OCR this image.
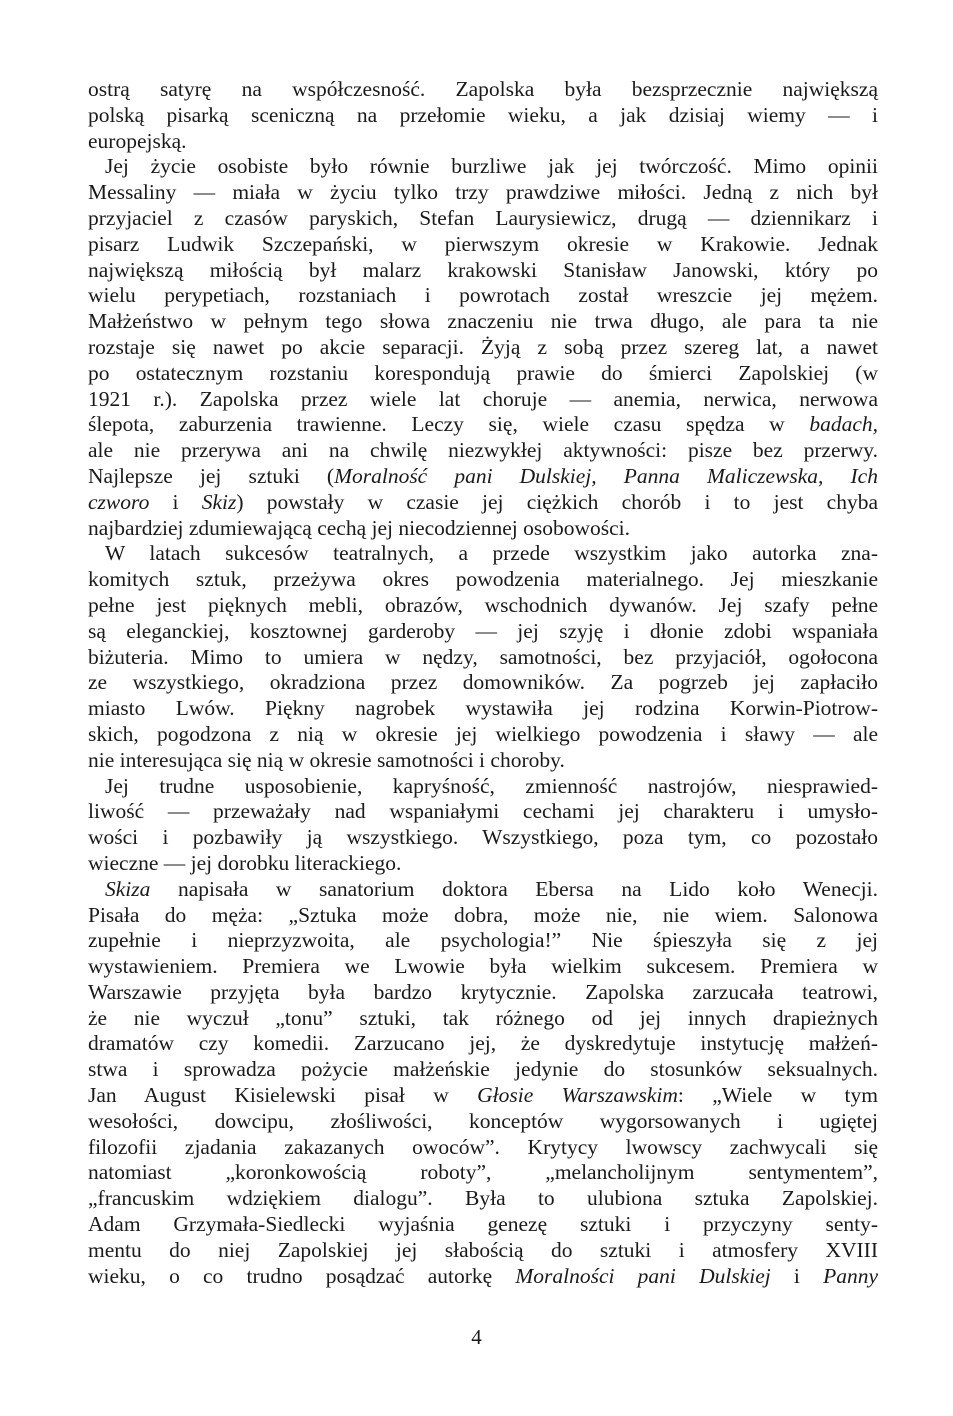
ostrą satyrę na współczesność. Zapolska była bezsprzecznie największą
polską pisarką sceniczną na przełomie wieku, a jak dzisiaj wiemy — i
europejską.
Jej życie osobiste było równie burzliwe jak jej twórczość. Mimo opinii
Messaliny — miała w życiu tylko trzy prawdziwe miłości. Jedną z nich był
przyjaciel z czasów paryskich, Stefan Laurysiewicz, drugą — dziennikarz i
pisarz Ludwik Szczepański, w pierwszym okresie w Krakowie. Jednak
największą miłością był malarz krakowski Stanisław Janowski, który po
wielu perypetiach, rozstaniach i powrotach został wreszcie jej mężem.
Małżeństwo w pełnym tego słowa znaczeniu nie trwa długo, ale para ta nie
rozstaje się nawet po akcie separacji. Żyją z sobą przez szereg lat, a nawet
po ostatecznym rozstaniu korespondują prawie do śmierci Zapolskiej (w
1921 r.). Zapolska przez wiele lat choruje — anemia, nerwica, nerwowa
ślepota, zaburzenia trawienne. Leczy się, wiele czasu spędza w badach,
ale nie przerywa ani na chwilę niezwykłej aktywności: pisze bez przerwy.
Najlepsze jej sztuki (Moralność pani Dulskiej, Panna Maliczewska, Ich
czworo i Skiz) powstały w czasie jej ciężkich chorób i to jest chyba
najbardziej zdumiewającą cechą jej niecodziennej osobowości.
W latach sukcesów teatralnych, a przede wszystkim jako autorka zna-
komitych sztuk, przeżywa okres powodzenia materialnego. Jej mieszkanie
pełne jest pięknych mebli, obrazów, wschodnich dywanów. Jej szafy pełne
są eleganckiej, kosztownej garderoby — jej szyję i dłonie zdobi wspaniała
biżuteria. Mimo to umiera w nędzy, samotności, bez przyjaciół, ogołocona
ze wszystkiego, okradziona przez domowników. Za pogrzeb jej zapłaciło
miasto Lwów. Piękny nagrobek wystawiła jej rodzina Korwin-Piotrow-
skich, pogodzona z nią w okresie jej wielkiego powodzenia i sławy — ale
nie interesująca się nią w okresie samotności i choroby.
Jej trudne usposobienie, kapryśność, zmienność nastrojów, niesprawied-
liwość — przeważały nad wspaniałymi cechami jej charakteru i umysło-
wości i pozbawiły ją wszystkiego. Wszystkiego, poza tym, co pozostało
wieczne — jej dorobku literackiego.
Skiza napisała w sanatorium doktora Ebersa na Lido koło Wenecji.
Pisała do męża: „Sztuka może dobra, może nie, nie wiem. Salonowa
zupełnie i nieprzyzwoita, ale psychologia!” Nie śpieszyła się z jej
wystawieniem. Premiera we Lwowie była wielkim sukcesem. Premiera w
Warszawie przyjęta była bardzo krytycznie. Zapolska zarzucała teatrowi,
że nie wyczuł „tonu” sztuki, tak różnego od jej innych drapieżnych
dramatów czy komedii. Zarzucano jej, że dyskredytuje instytucję małżeń-
stwa i sprowadza pożycie małżeńskie jedynie do stosunków seksualnych.
Jan August Kisielewski pisał w Głosie Warszawskim: „Wiele w tym
wesołości, dowcipu, złośliwości, konceptów wygorsowanych i ugiętej
filozofii zjadania zakazanych owoców”. Krytycy lwowscy zachwycali się
natomiast „koronkowością roboty”, „melancholijnym sentymentem”,
„francuskim wdziękiem dialogu”. Była to ulubiona sztuka Zapolskiej.
Adam Grzymała-Siedlecki wyjaśnia genezę sztuki i przyczyny senty-
mentu do niej Zapolskiej jej słabością do sztuki i atmosfery XVIII
wieku, o co trudno posądzać autorkę Moralności pani Dulskiej i Panny
4
